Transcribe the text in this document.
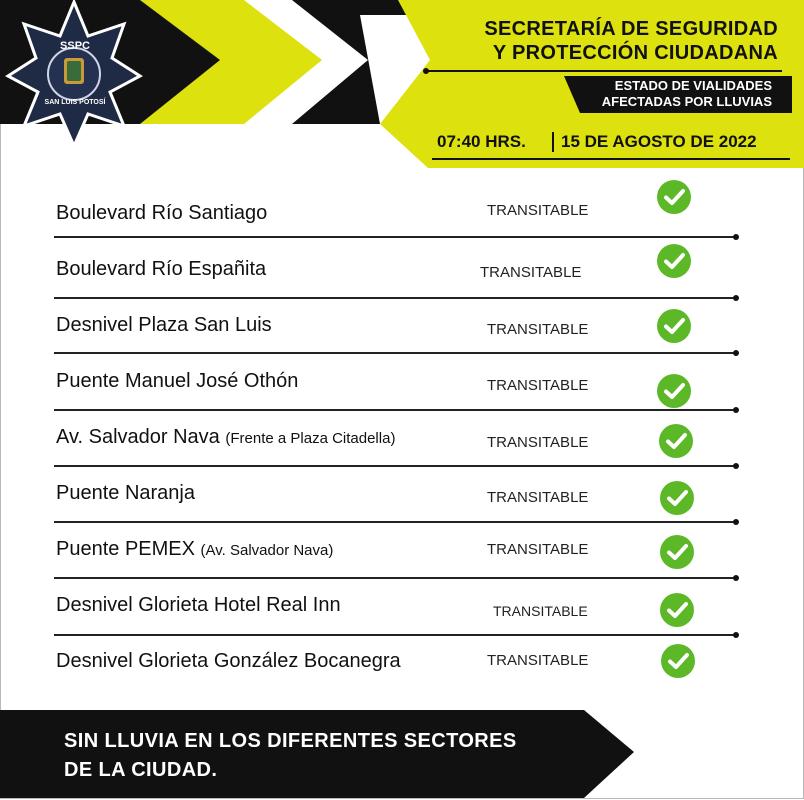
SSPC
SAN LUIS POTOSÍ
SECRETARÍA DE SEGURIDAD
Y PROTECCIÓN CIUDADANA
ESTADO DE VIALIDADES
AFECTADAS POR LLUVIAS
07:40 HRS. 15 DE AGOSTO DE 2022
Boulevard Río Santiago	TRANSITABLE
Boulevard Río Españita	TRANSITABLE
Desnivel Plaza San Luis	TRANSITABLE
Puente Manuel José Othón	TRANSITABLE
Av. Salvador Nava (Frente a Plaza Citadella)	TRANSITABLE
Puente Naranja	TRANSITABLE
Puente PEMEX (Av. Salvador Nava)	TRANSITABLE
Desnivel Glorieta Hotel Real Inn	TRANSITABLE
Desnivel Glorieta González Bocanegra	TRANSITABLE
SIN LLUVIA EN LOS DIFERENTES SECTORES
DE LA CIUDAD.
